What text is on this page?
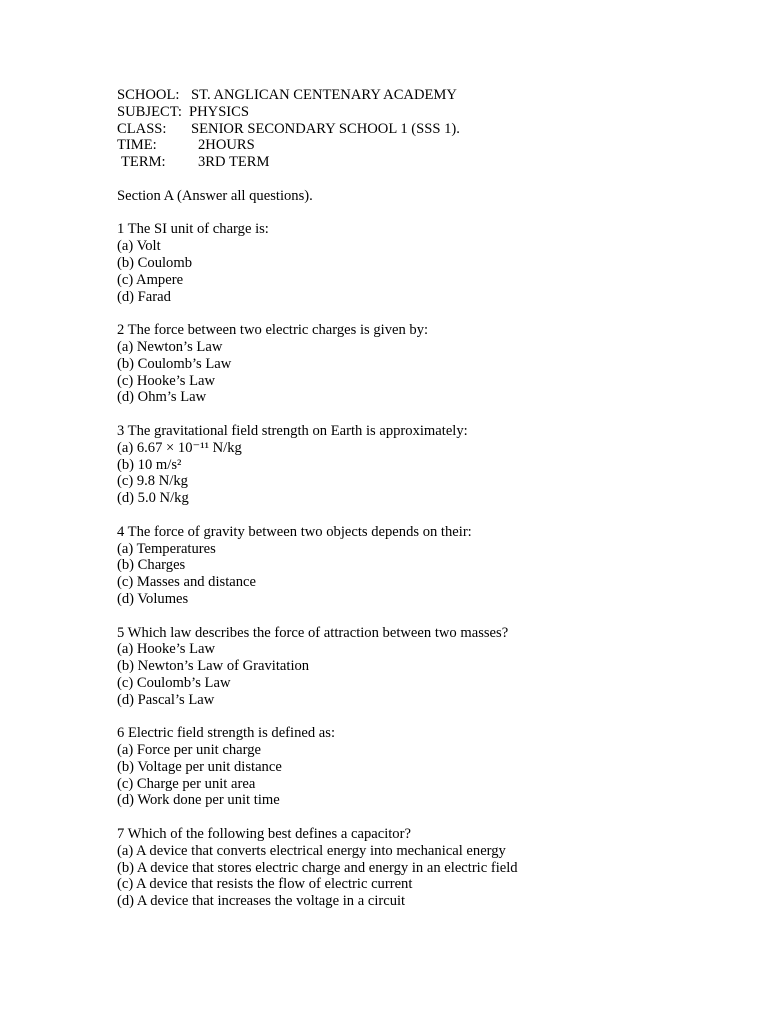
SCHOOL: ST. ANGLICAN CENTENARY ACADEMY
SUBJECT: PHYSICS
CLASS:	SENIOR SECONDARY SCHOOL 1 (SSS 1).
TIME:	2HOURS
TERM:	3RD TERM
Section A (Answer all questions).
1 The SI unit of charge is:
(a) Volt
(b) Coulomb
(c) Ampere
(d) Farad
2 The force between two electric charges is given by:
(a) Newton’s Law
(b) Coulomb’s Law
(c) Hooke’s Law
(d) Ohm’s Law
3 The gravitational field strength on Earth is approximately:
(a) 6.67 × 10⁻¹¹ N/kg
(b) 10 m/s²
(c) 9.8 N/kg
(d) 5.0 N/kg
4 The force of gravity between two objects depends on their:
(a) Temperatures
(b) Charges
(c) Masses and distance
(d) Volumes
5 Which law describes the force of attraction between two masses?
(a) Hooke’s Law
(b) Newton’s Law of Gravitation
(c) Coulomb’s Law
(d) Pascal’s Law
6 Electric field strength is defined as:
(a) Force per unit charge
(b) Voltage per unit distance
(c) Charge per unit area
(d) Work done per unit time
7 Which of the following best defines a capacitor?
(a) A device that converts electrical energy into mechanical energy
(b) A device that stores electric charge and energy in an electric field
(c) A device that resists the flow of electric current
(d) A device that increases the voltage in a circuit
